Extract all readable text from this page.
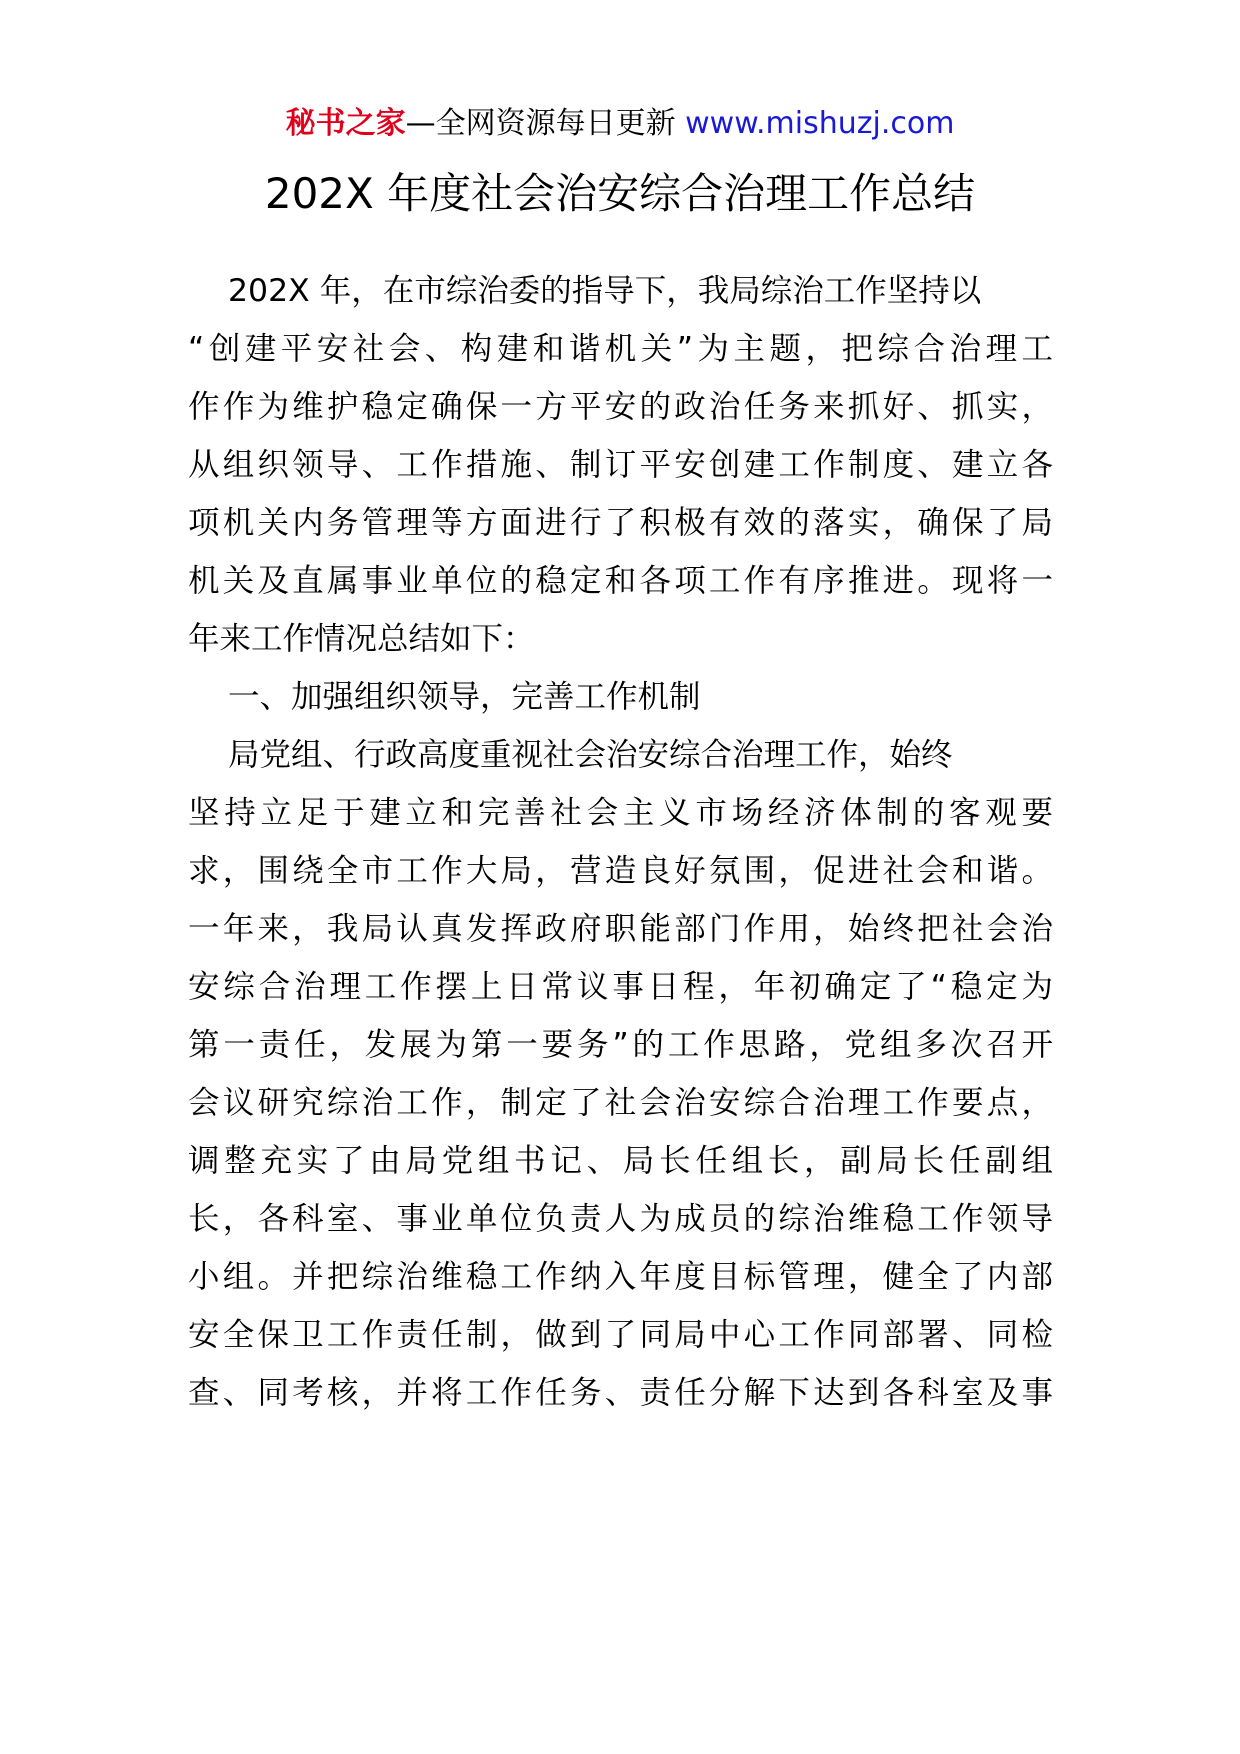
秘书之家—全网资源每日更新 www.mishuzj.com
202X 年度社会治安综合治理工作总结
202X 年，在市综治委的指导下，我局综治工作坚持以
“创建平安社会、构建和谐机关”为主题，把综合治理工
作作为维护稳定确保一方平安的政治任务来抓好、抓实，
从组织领导、工作措施、制订平安创建工作制度、建立各
项机关内务管理等方面进行了积极有效的落实，确保了局
机关及直属事业单位的稳定和各项工作有序推进。现将一
年来工作情况总结如下：
一、加强组织领导，完善工作机制
局党组、行政高度重视社会治安综合治理工作，始终
坚持立足于建立和完善社会主义市场经济体制的客观要
求，围绕全市工作大局，营造良好氛围，促进社会和谐。
一年来，我局认真发挥政府职能部门作用，始终把社会治
安综合治理工作摆上日常议事日程，年初确定了“稳定为
第一责任，发展为第一要务”的工作思路，党组多次召开
会议研究综治工作，制定了社会治安综合治理工作要点，
调整充实了由局党组书记、局长任组长，副局长任副组
长，各科室、事业单位负责人为成员的综治维稳工作领导
小组。并把综治维稳工作纳入年度目标管理，健全了内部
安全保卫工作责任制，做到了同局中心工作同部署、同检
查、同考核，并将工作任务、责任分解下达到各科室及事
